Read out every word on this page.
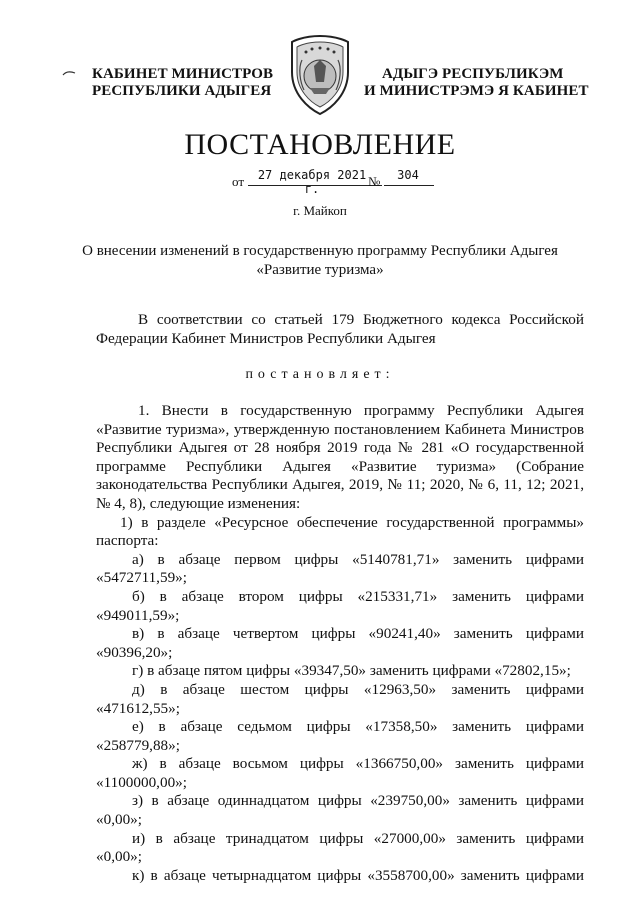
КАБИНЕТ МИНИСТРОВ
РЕСПУБЛИКИ АДЫГЕЯ
АДЫГЭ РЕСПУБЛИКЭМ
И МИНИСТРЭМЭ Я КАБИНЕТ
ПОСТАНОВЛЕНИЕ
от	27 декабря 2021 г.	№	304
г. Майкоп
О внесении изменений в государственную программу Республики Адыгея
«Развитие туризма»
В соответствии со статьей 179 Бюджетного кодекса Российской
Федерации Кабинет Министров Республики Адыгея
постановляет:
1. Внести в государственную программу Республики Адыгея
«Развитие туризма», утвержденную постановлением Кабинета Министров
Республики Адыгея от 28 ноября 2019 года № 281 «О государственной
программе Республики Адыгея «Развитие туризма» (Собрание
законодательства Республики Адыгея, 2019, № 11; 2020, № 6, 11, 12; 2021,
№ 4, 8), следующие изменения:
1) в разделе «Ресурсное обеспечение государственной программы»
паспорта:
а) в абзаце первом цифры «5140781,71» заменить цифрами
«5472711,59»;
б) в абзаце втором цифры «215331,71» заменить цифрами
«949011,59»;
в) в абзаце четвертом цифры «90241,40» заменить цифрами
«90396,20»;
г) в абзаце пятом цифры «39347,50» заменить цифрами «72802,15»;
д) в абзаце шестом цифры «12963,50» заменить цифрами
«471612,55»;
е) в абзаце седьмом цифры «17358,50» заменить цифрами
«258779,88»;
ж) в абзаце восьмом цифры «1366750,00» заменить цифрами
«1100000,00»;
з) в абзаце одиннадцатом цифры «239750,00» заменить цифрами
«0,00»;
и) в абзаце тринадцатом цифры «27000,00» заменить цифрами
«0,00»;
к) в абзаце четырнадцатом цифры «3558700,00» заменить цифрами
